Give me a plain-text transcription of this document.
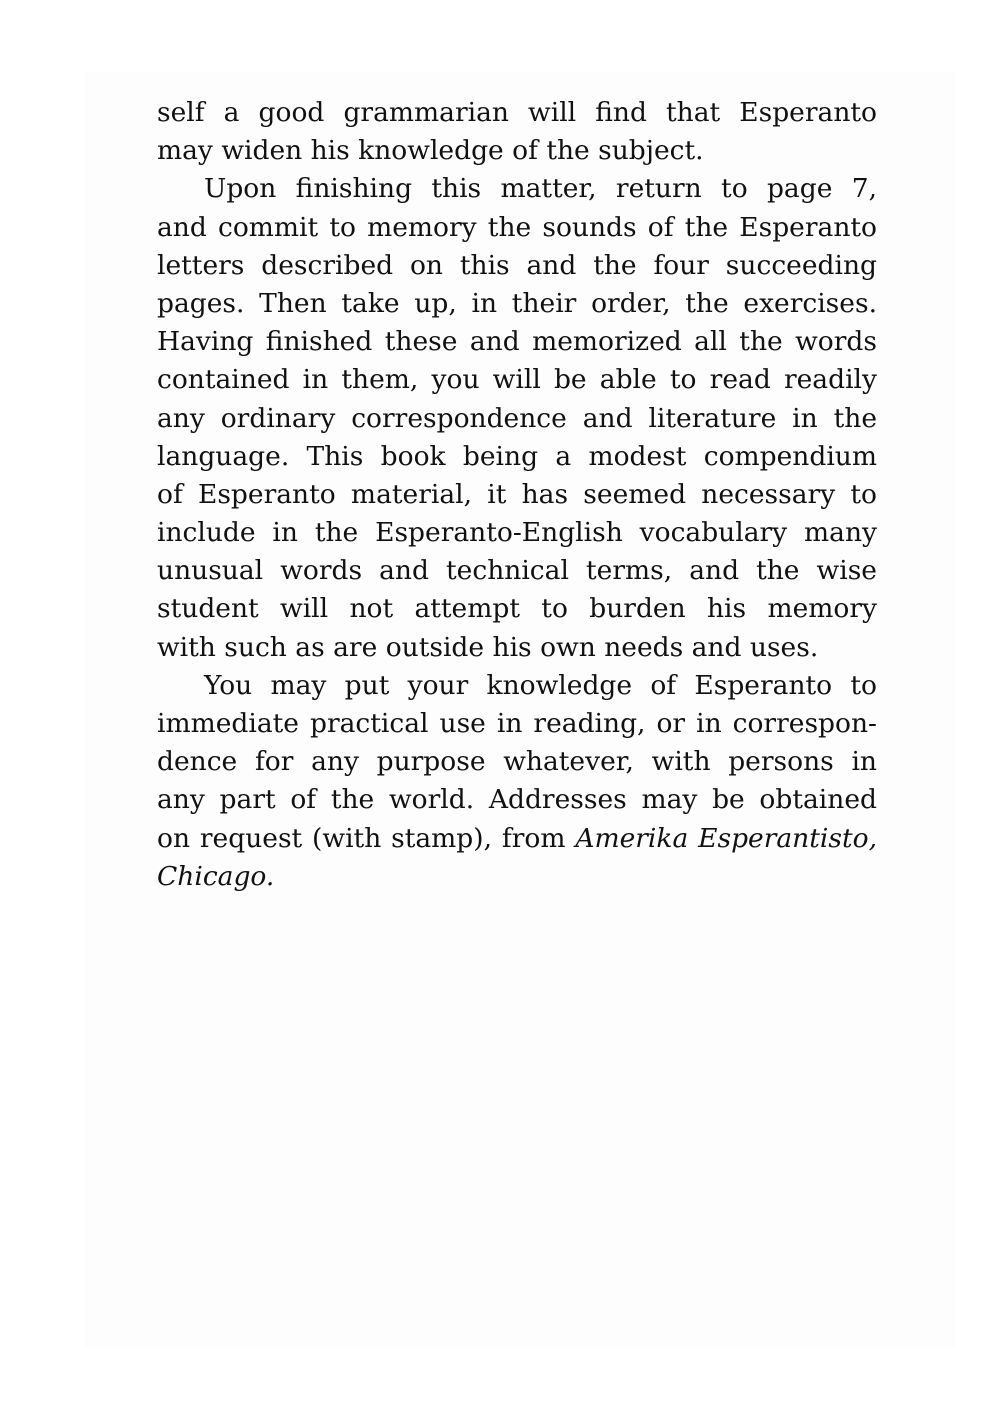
self a good grammarian will find that Esperanto
may widen his knowledge of the subject.
Upon finishing this matter, return to page 7,
and commit to memory the sounds of the Esperanto
letters described on this and the four succeeding
pages. Then take up, in their order, the exercises.
Having finished these and memorized all the words
contained in them, you will be able to read readily
any ordinary correspondence and literature in the
language. This book being a modest compendium
of Esperanto material, it has seemed necessary to
include in the Esperanto-English vocabulary many
unusual words and technical terms, and the wise
student will not attempt to burden his memory
with such as are outside his own needs and uses.
You may put your knowledge of Esperanto to
immediate practical use in reading, or in correspon-
dence for any purpose whatever, with persons in
any part of the world. Addresses may be obtained
on request (with stamp), from Amerika Esperantisto,
Chicago.
